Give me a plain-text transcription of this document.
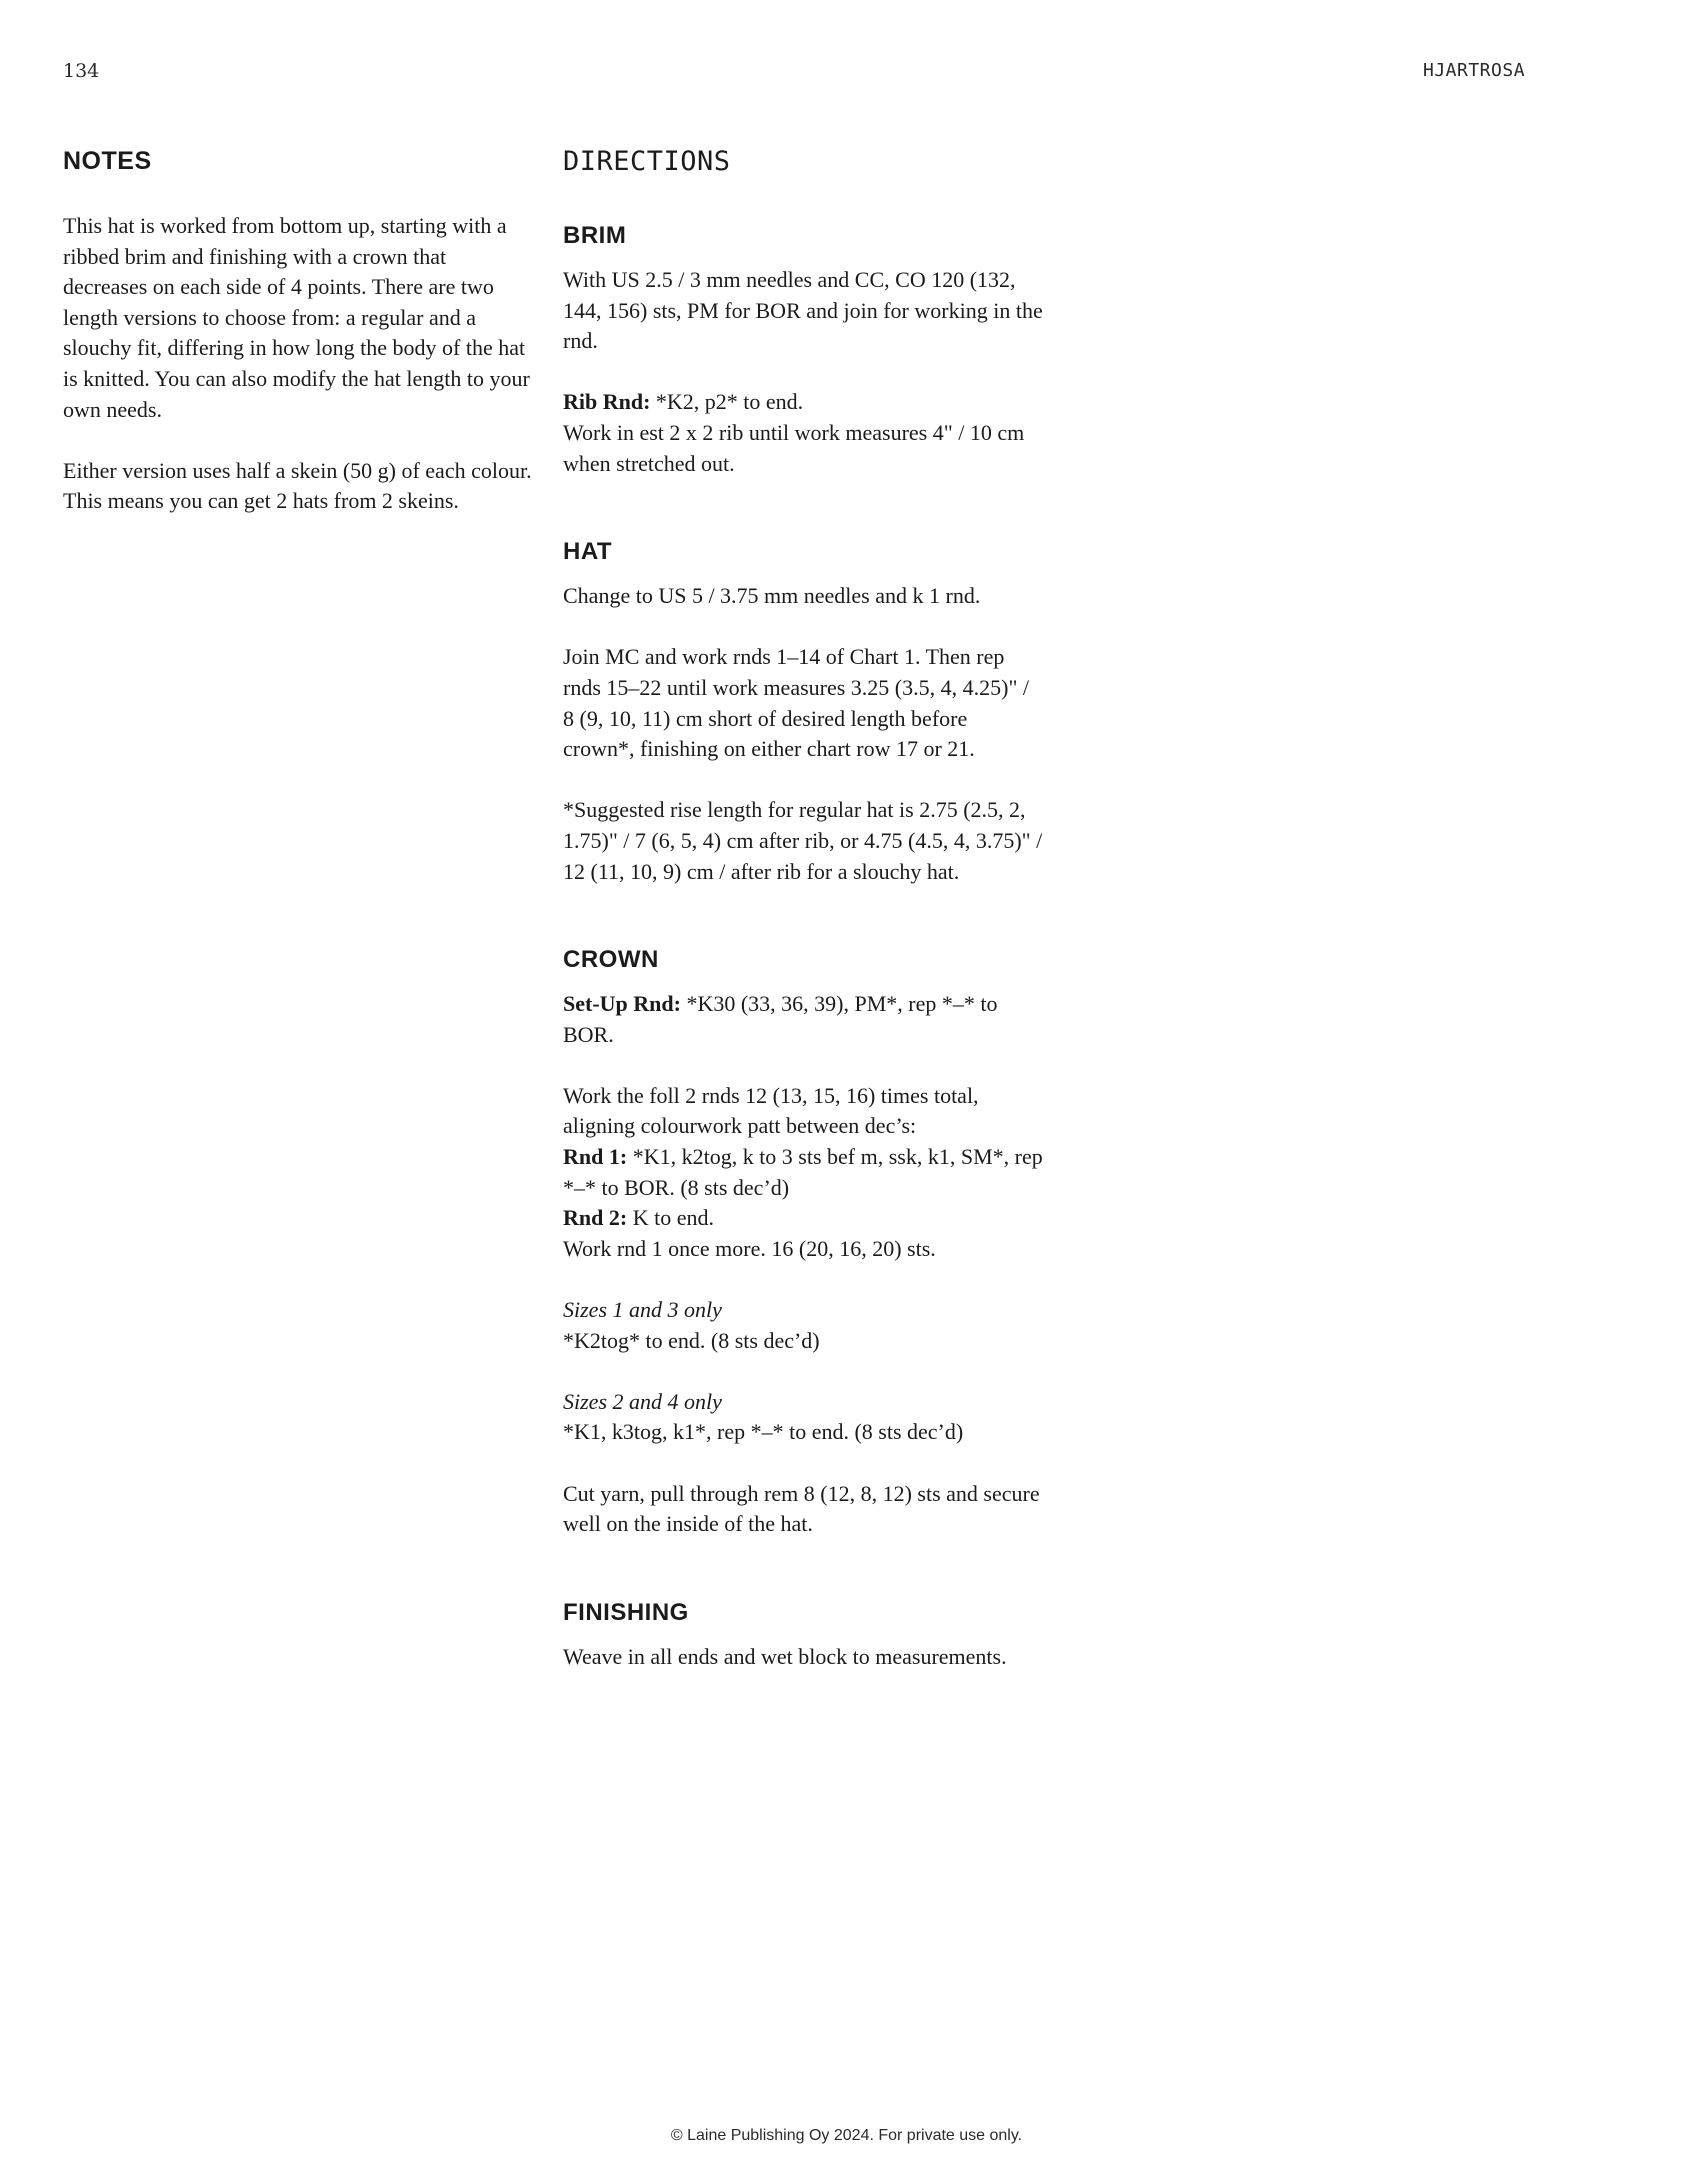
134	HJARTROSA
NOTES

This hat is worked from bottom up, starting with a ribbed brim and finishing with a crown that decreases on each side of 4 points. There are two length versions to choose from: a regular and a slouchy fit, differing in how long the body of the hat is knitted. You can also modify the hat length to your own needs.

Either version uses half a skein (50 g) of each colour. This means you can get 2 hats from 2 skeins.

DIRECTIONS
BRIM

With US 2.5 / 3 mm needles and CC, CO 120 (132, 144, 156) sts, PM for BOR and join for working in the rnd.

Rib Rnd: *K2, p2* to end.
Work in est 2 x 2 rib until work measures 4" / 10 cm when stretched out.

HAT

Change to US 5 / 3.75 mm needles and k 1 rnd.

Join MC and work rnds 1–14 of Chart 1. Then rep rnds 15–22 until work measures 3.25 (3.5, 4, 4.25)" / 8 (9, 10, 11) cm short of desired length before crown*, finishing on either chart row 17 or 21.

*Suggested rise length for regular hat is 2.75 (2.5, 2, 1.75)" / 7 (6, 5, 4) cm after rib, or 4.75 (4.5, 4, 3.75)" / 12 (11, 10, 9) cm / after rib for a slouchy hat.

CROWN

Set-Up Rnd: *K30 (33, 36, 39), PM*, rep *–* to BOR.

Work the foll 2 rnds 12 (13, 15, 16) times total, aligning colourwork patt between dec’s:
Rnd 1: *K1, k2tog, k to 3 sts bef m, ssk, k1, SM*, rep *–* to BOR. (8 sts dec’d)
Rnd 2: K to end.
Work rnd 1 once more. 16 (20, 16, 20) sts.

Sizes 1 and 3 only
*K2tog* to end. (8 sts dec’d)

Sizes 2 and 4 only
*K1, k3tog, k1*, rep *–* to end. (8 sts dec’d)

Cut yarn, pull through rem 8 (12, 8, 12) sts and secure well on the inside of the hat.

FINISHING

Weave in all ends and wet block to measurements.

© Laine Publishing Oy 2024. For private use only.
